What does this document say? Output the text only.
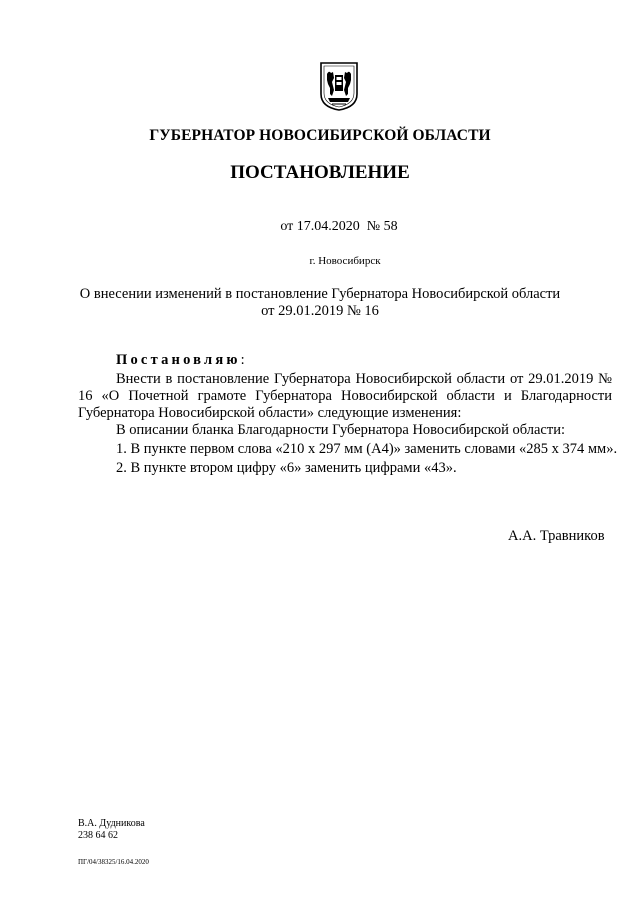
ГУБЕРНАТОР НОВОСИБИРСКОЙ ОБЛАСТИ
ПОСТАНОВЛЕНИЕ
от 17.04.2020  № 58
г. Новосибирск
О внесении изменений в постановление Губернатора Новосибирской области
от 29.01.2019 № 16
Постановляю:
Внести в постановление Губернатора Новосибирской области от 29.01.2019 № 16 «О Почетной грамоте Губернатора Новосибирской области и Благодарности Губернатора Новосибирской области» следующие изменения:
В описании бланка Благодарности Губернатора Новосибирской области:
1. В пункте первом слова «210 х 297 мм (А4)» заменить словами «285 х 374 мм».
2. В пункте втором цифру «6» заменить цифрами «43».
А.А. Травников
В.А. Дудникова
238 64 62
ПГ/04/38325/16.04.2020
